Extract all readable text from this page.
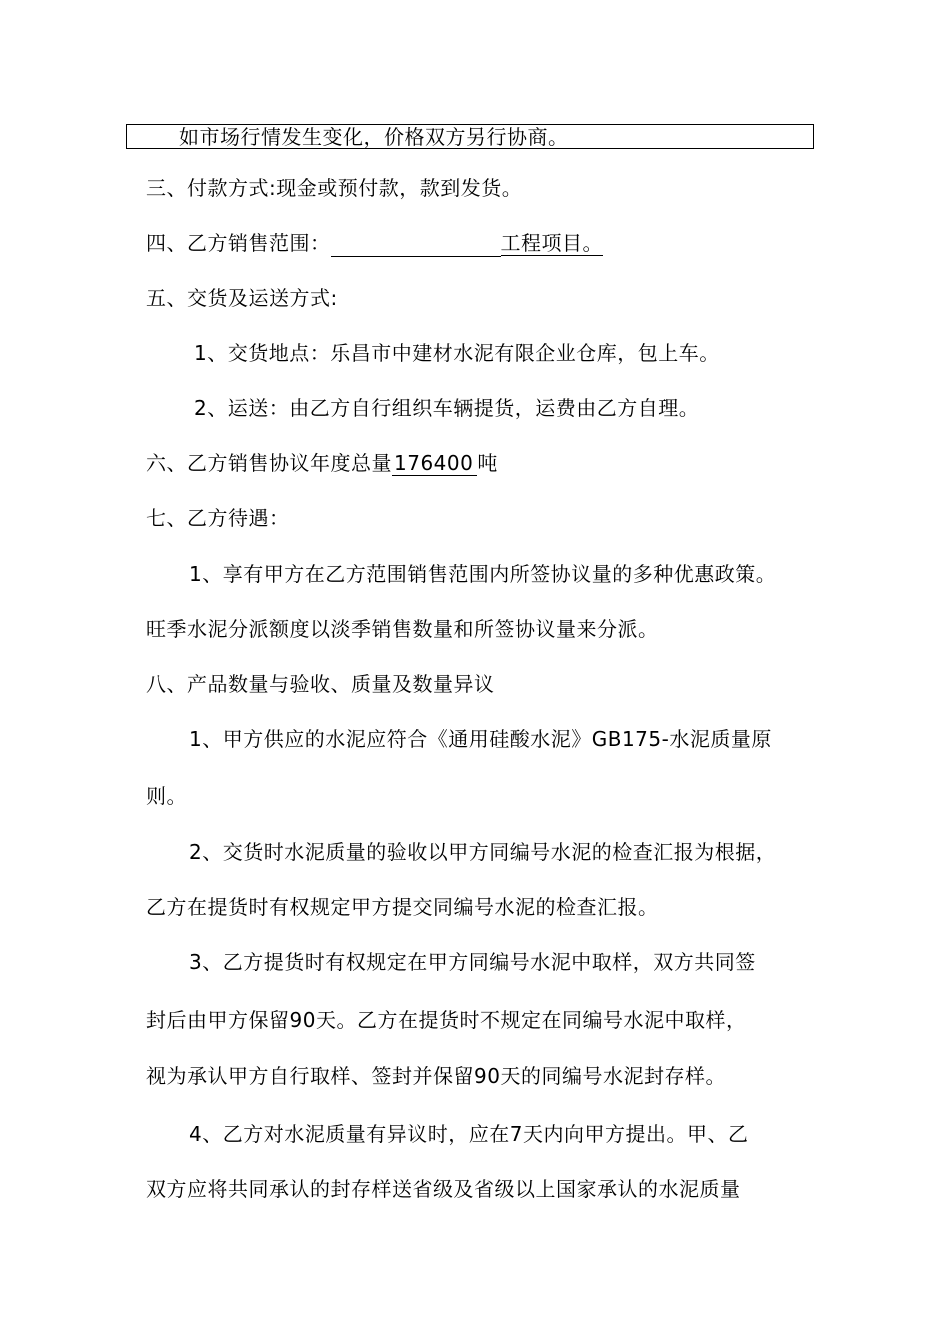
如市场行情发生变化，价格双方另行协商。
三、付款方式:现金或预付款，款到发货。
四、乙方销售范围：	工程项目。
五、交货及运送方式:
1、交货地点：乐昌市中建材水泥有限企业仓库，包上车。
2、运送：由乙方自行组织车辆提货，运费由乙方自理。
六、乙方销售协议年度总量 176400 吨
七、乙方待遇：
1、享有甲方在乙方范围销售范围内所签协议量的多种优惠政策。
旺季水泥分派额度以淡季销售数量和所签协议量来分派。
八、产品数量与验收、质量及数量异议
1、甲方供应的水泥应符合《通用硅酸水泥》GB175-水泥质量原
则。
2、交货时水泥质量的验收以甲方同编号水泥的检查汇报为根据，
乙方在提货时有权规定甲方提交同编号水泥的检查汇报。
3、乙方提货时有权规定在甲方同编号水泥中取样，双方共同签
封后由甲方保留90天。乙方在提货时不规定在同编号水泥中取样，
视为承认甲方自行取样、签封并保留90天的同编号水泥封存样。
4、乙方对水泥质量有异议时，应在7天内向甲方提出。甲、乙
双方应将共同承认的封存样送省级及省级以上国家承认的水泥质量
